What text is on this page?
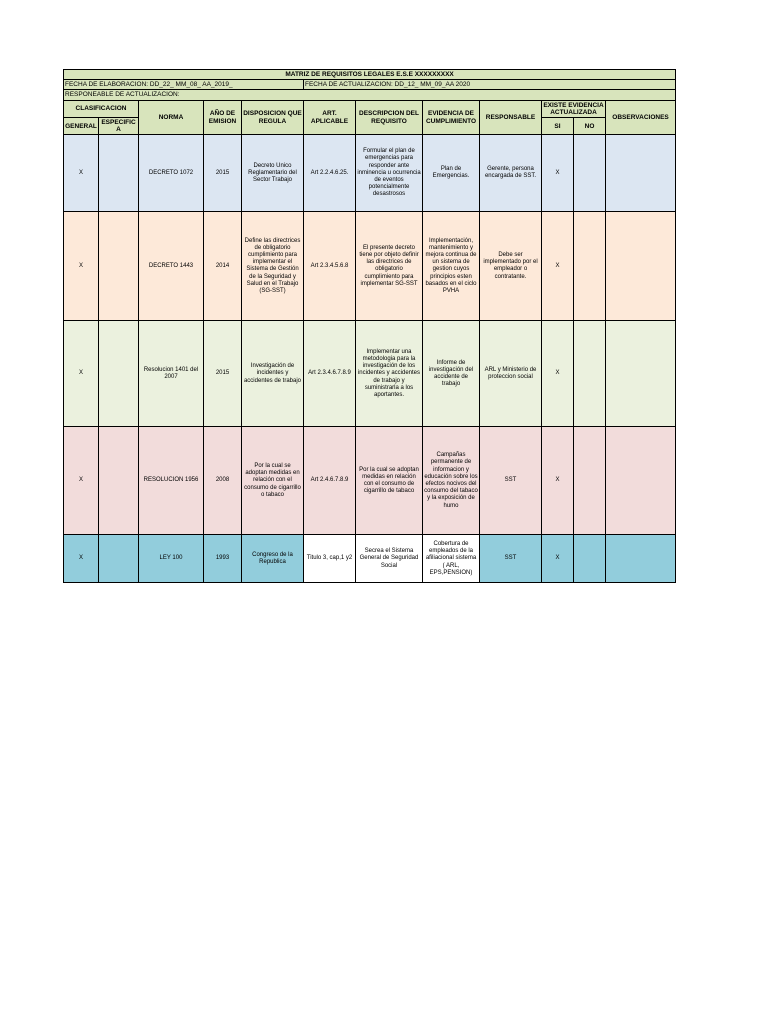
MATRIZ DE REQUISITOS LEGALES E.S.E XXXXXXXXX											
FECHA DE ELABORACION: DD_22_ MM_08_ AA_2019_					FECHA DE ACTUALIZACION: DD_12_ MM_09_AA 2020						
RESPONEABLE DE ACTUALIZACION:											
CLASIFICACION		NORMA	AÑO DE EMISION	DISPOSICION QUE REGULA	ART. APLICABLE	DESCRIPCION DEL REQUISITO	EVIDENCIA DE CUMPLIMIENTO	RESPONSABLE	EXISTE EVIDENCIA ACTUALIZADA		OBSERVACIONES
GENERAL	ESPECIFICA								SI	NO	
X		DECRETO 1072	2015	Decreto Unico Reglamentario del Sector Trabajo	Art 2.2.4.6.25.	Formular el plan de emergencias para responder ante inminencia u ocurrencia de eventos potencialmente desastrosos	Plan de Emergencias.	Gerente, persona encargada de SST.	X		
X		DECRETO 1443	2014	Define las directrices de obligatorio cumplimiento para implementar el Sistema de Gestión de la Seguridad y Salud en el Trabajo (SG-SST)	Art 2.3.4.5.6.8	El presente decreto tiene por objeto definir las directrices de obligatorio cumplimiento para implementar SG-SST	Implementación, mantenimiento y mejora continua de un sistema de gestion cuyos principios esten basados en el ciclo PVHA	Debe ser implementado por el empleador o contratante.	X		
X		Resolucion 1401 del 2007	2015	Investigación de incidentes y accidentes de trabajo	Art 2.3.4.6.7.8.9	Implementar una metodologia para la investigación de los incidentes y accidentes de trabajo y suministrarla a los aportantes.	Informe de investigación del accidente de trabajo	ARL y Ministerio de proteccion social	X		
X		RESOLUCION 1956	2008	Por la cual se adoptan medidas en relación con el consumo de cigarrillo o tabaco	Art 2.4.6.7.8.9	Por la cual se adoptan medidas en relación con el consumo de cigarrillo de tabaco	Campañas permanente de informacion y educación sobre los efectos nocivos del consumo del tabaco y la exposición de humo	SST	X		
X		LEY 100	1993	Congreso de la Republica	Titulo 3, cap,1 y2	Secrea el Sistema General de Seguridad Social	Cobertura de empleados de la afiliacional sistema ( ARL, EPS,PENSION)	SST	X		
